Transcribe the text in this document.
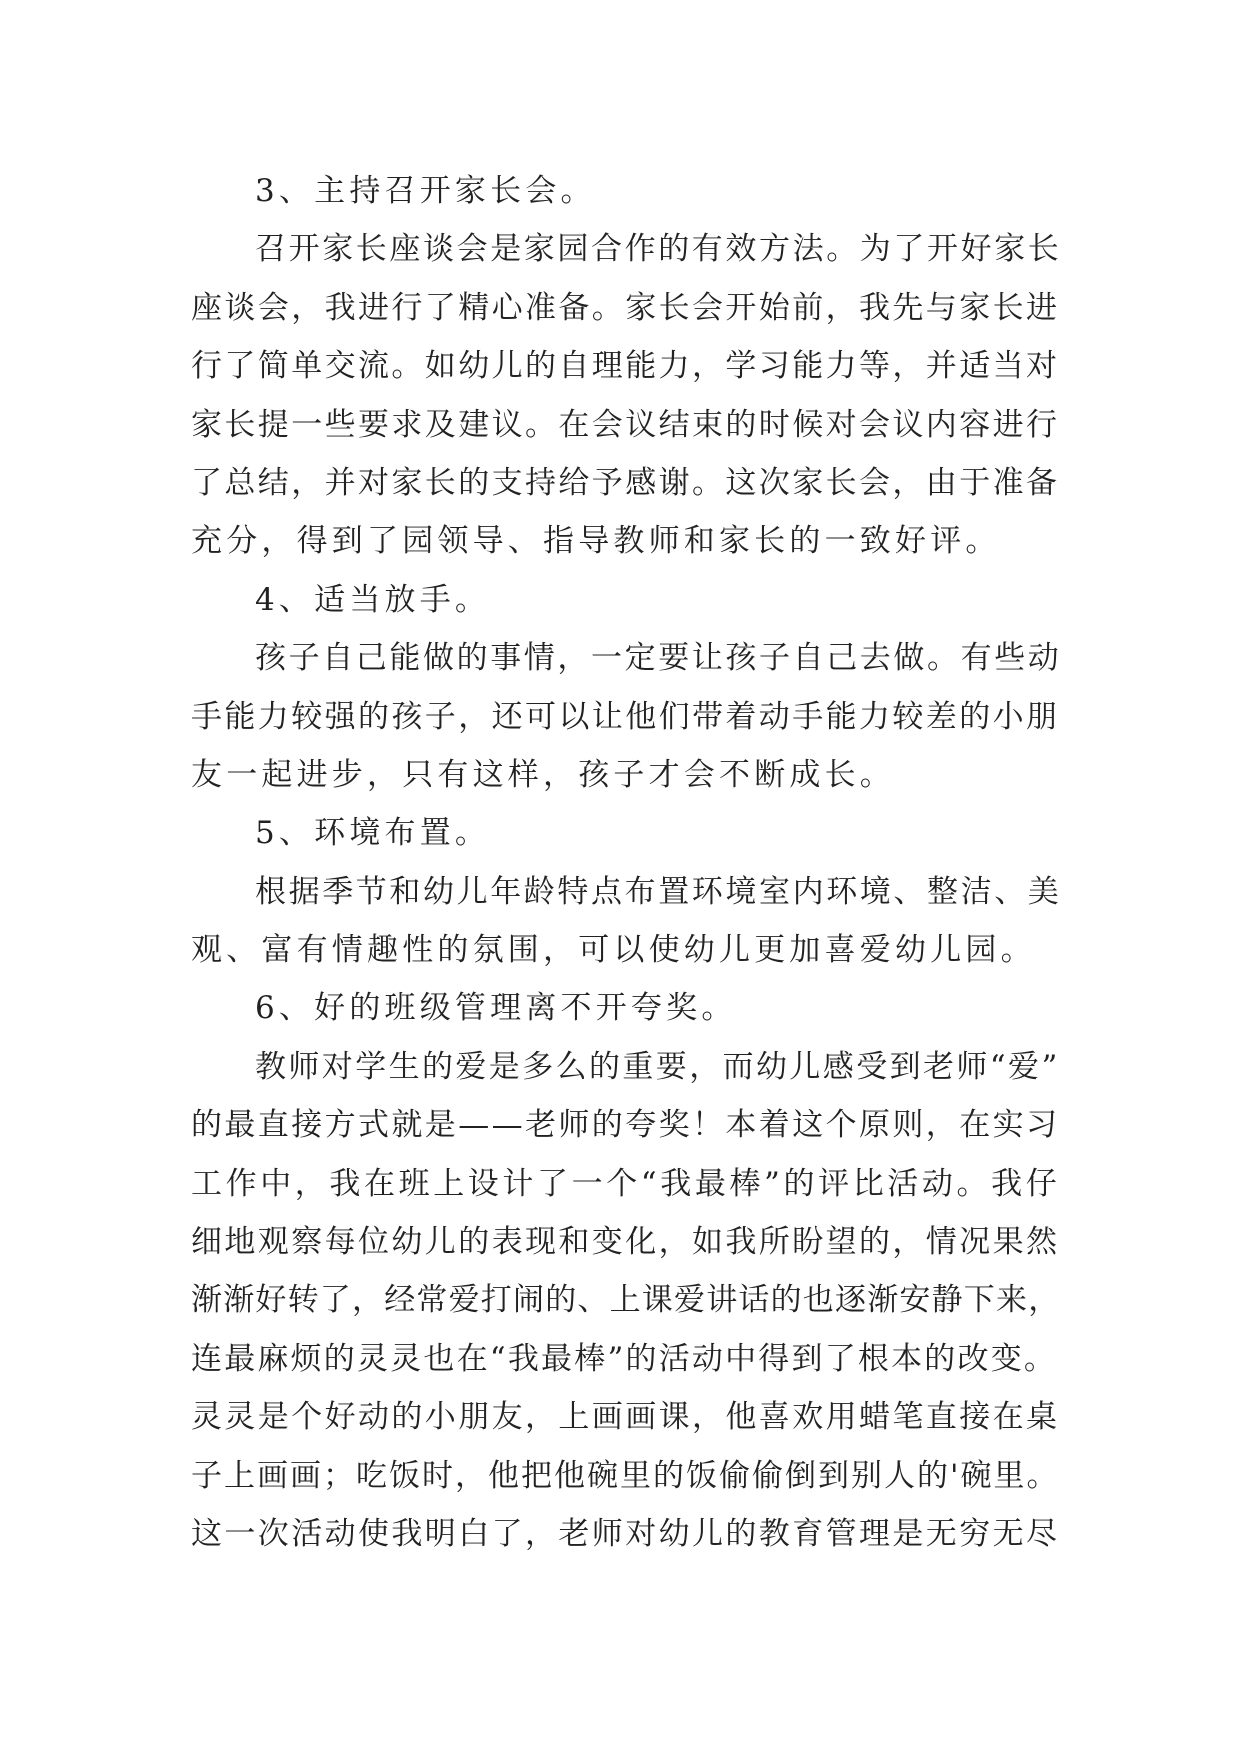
3、主持召开家长会。
召开家长座谈会是家园合作的有效方法。为了开好家长
座谈会，我进行了精心准备。家长会开始前，我先与家长进
行了简单交流。如幼儿的自理能力，学习能力等，并适当对
家长提一些要求及建议。在会议结束的时候对会议内容进行
了总结，并对家长的支持给予感谢。这次家长会，由于准备
充分，得到了园领导、指导教师和家长的一致好评。
4、适当放手。
孩子自己能做的事情，一定要让孩子自己去做。有些动
手能力较强的孩子，还可以让他们带着动手能力较差的小朋
友一起进步，只有这样，孩子才会不断成长。
5、环境布置。
根据季节和幼儿年龄特点布置环境室内环境、整洁、美
观、富有情趣性的氛围，可以使幼儿更加喜爱幼儿园。
6、好的班级管理离不开夸奖。
教师对学生的爱是多么的重要，而幼儿感受到老师“爱”
的最直接方式就是——老师的夸奖！本着这个原则，在实习
工作中，我在班上设计了一个“我最棒”的评比活动。我仔
细地观察每位幼儿的表现和变化，如我所盼望的，情况果然
渐渐好转了，经常爱打闹的、上课爱讲话的也逐渐安静下来，
连最麻烦的灵灵也在“我最棒”的活动中得到了根本的改变。
灵灵是个好动的小朋友，上画画课，他喜欢用蜡笔直接在桌
子上画画；吃饭时，他把他碗里的饭偷偷倒到别人的'碗里。
这一次活动使我明白了，老师对幼儿的教育管理是无穷无尽
